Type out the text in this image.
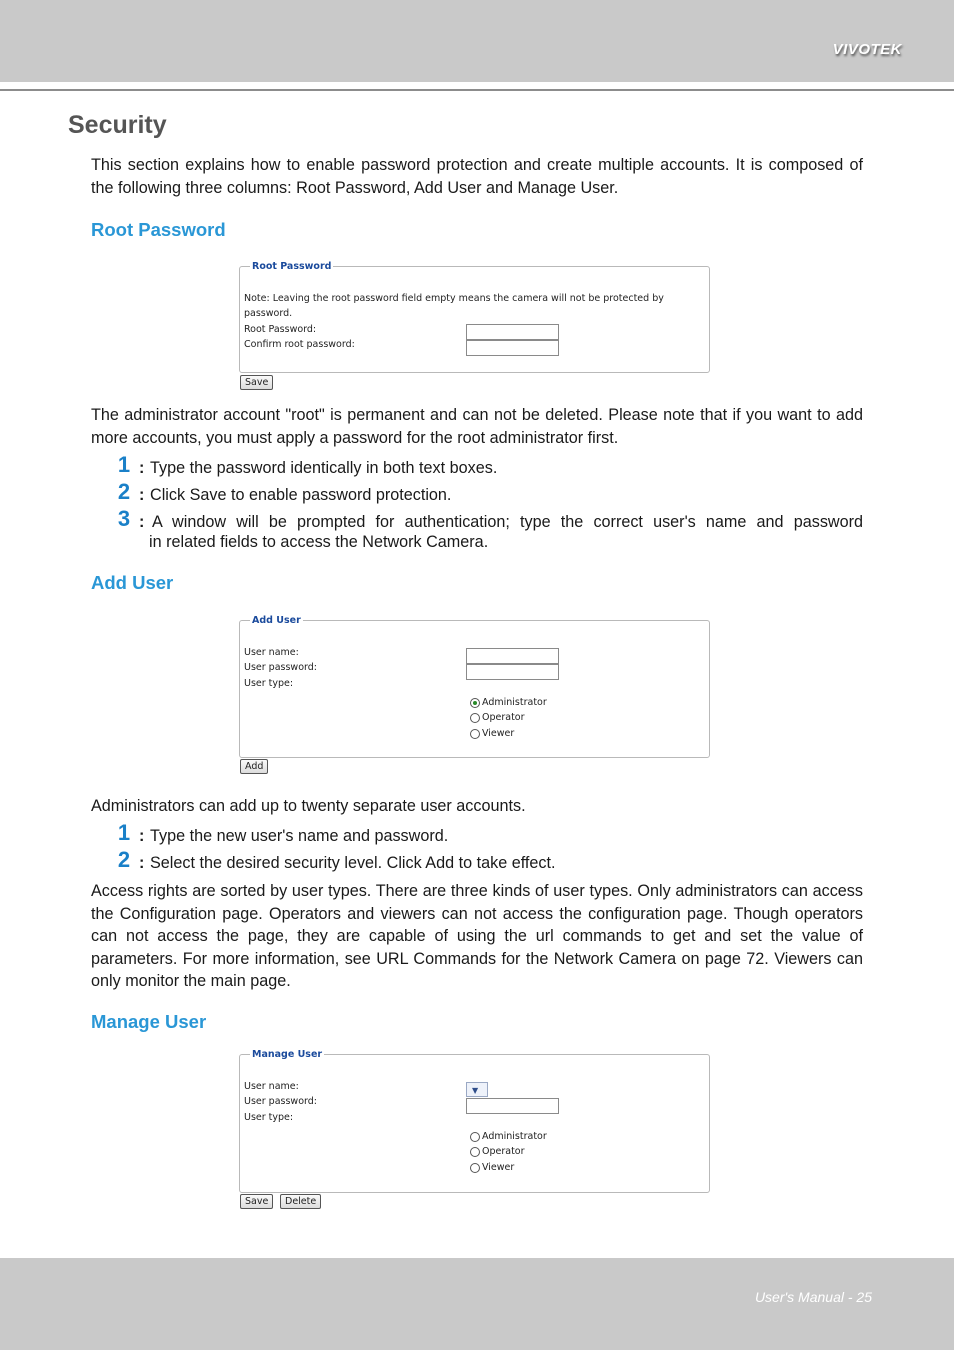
VIVOTEK
Security
This section explains how to enable password protection and create multiple accounts. It is composed of the following three columns: Root Password, Add User and Manage User.
Root Password
Root Password
Note: Leaving the root password field empty means the camera will not be protected by
password.
Root Password:
Confirm root password:
Save
The administrator account "root" is permanent and can not be deleted. Please note that if you want to add more accounts, you must apply a password for the root administrator first.
1 : Type the password identically in both text boxes.
2 : Click Save to enable password protection.
3 : A window will be prompted for authentication; type the correct user's name and password
in related fields to access the Network Camera.
Add User
Add User
User name:
User password:
User type:
Administrator
Operator
Viewer
Add
Administrators can add up to twenty separate user accounts.
1 : Type the new user's name and password.
2 : Select the desired security level. Click Add to take effect.
Access rights are sorted by user types. There are three kinds of user types. Only administrators can access the Configuration page. Operators and viewers can not access the configuration page. Though operators can not access the page, they are capable of using the url commands to get and set the value of parameters. For more information, see URL Commands for the Network Camera on page 72. Viewers can only monitor the main page.
Manage User
Manage User
User name:
User password:
User type:
▼
Administrator
Operator
Viewer
Save	Delete
User's Manual - 25
